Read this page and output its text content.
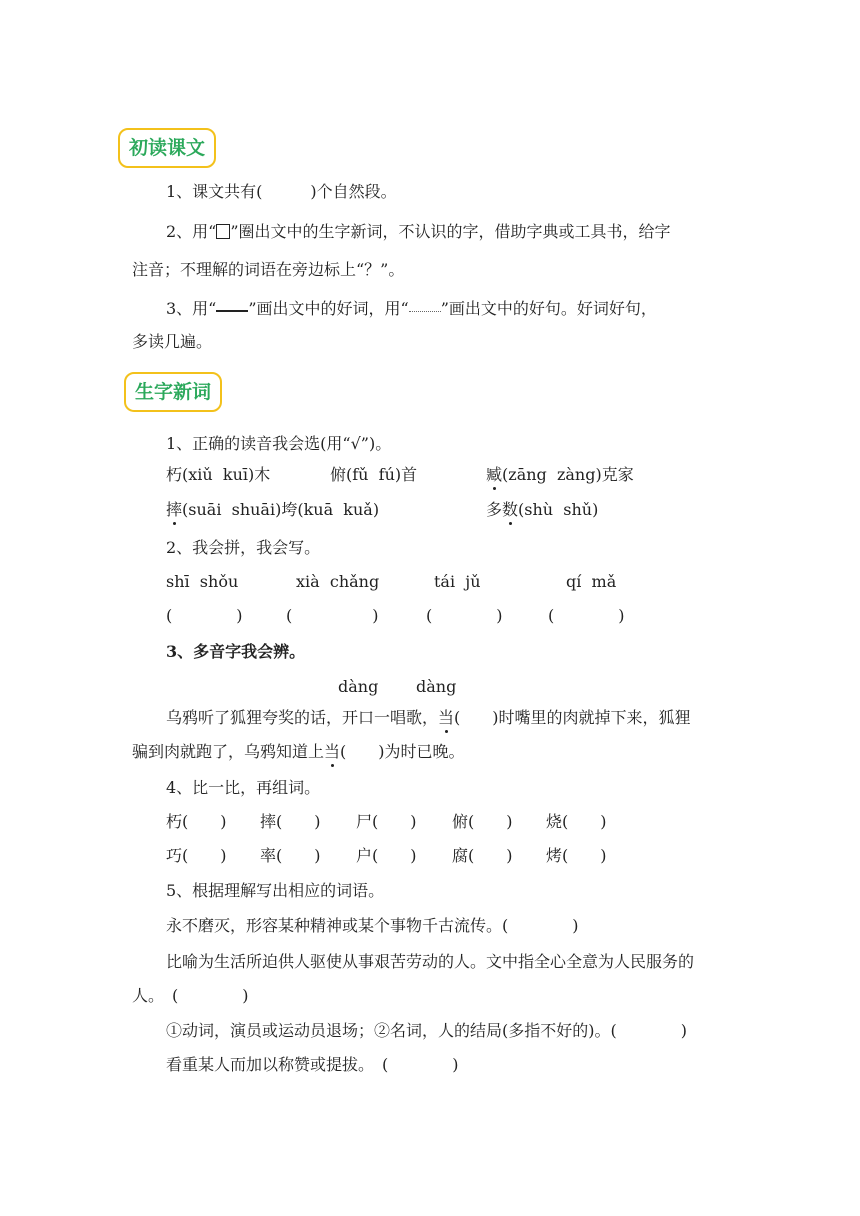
初读课文
1、课文共有(　　　)个自然段。
2、用“ ”圈出文中的生字新词，不认识的字，借助字典或工具书，给字
注音；不理解的词语在旁边标上“？”。
3、用“ ”画出文中的好词，用“ ”画出文中的好句。好词好句，
多读几遍。
生字新词
1、正确的读音我会选(用“√”)。
朽(xiǔ  kuī)木	俯(fǔ  fú)首	臧(zāng  zàng)克家
摔(suāi  shuāi)垮(kuā  kuǎ)	多数(shù  shǔ)
2、我会拼，我会写。
shī  shǒu	xià  chǎng	tái  jǔ	qí  mǎ
(　　　　)	(　　　　　)	(　　　　)	(　　　　)
3、多音字我会辨。
dàng dàng
乌鸦听了狐狸夸奖的话，开口一唱歌，当(　　)时嘴里的肉就掉下来，狐狸
骗到肉就跑了，乌鸦知道上当(　　)为时已晚。
4、比一比，再组词。
朽(　　) 摔(　　) 尸(　　) 俯(　　) 烧(　　)
巧(　　) 率(　　) 户(　　) 腐(　　) 烤(　　)
5、根据理解写出相应的词语。
永不磨灭，形容某种精神或某个事物千古流传。(　　　　)
比喻为生活所迫供人驱使从事艰苦劳动的人。文中指全心全意为人民服务的
人。　(　　　　)
①动词，演员或运动员退场；②名词，人的结局(多指不好的)。(　　　　)
看重某人而加以称赞或提拔。　(　　　　)
